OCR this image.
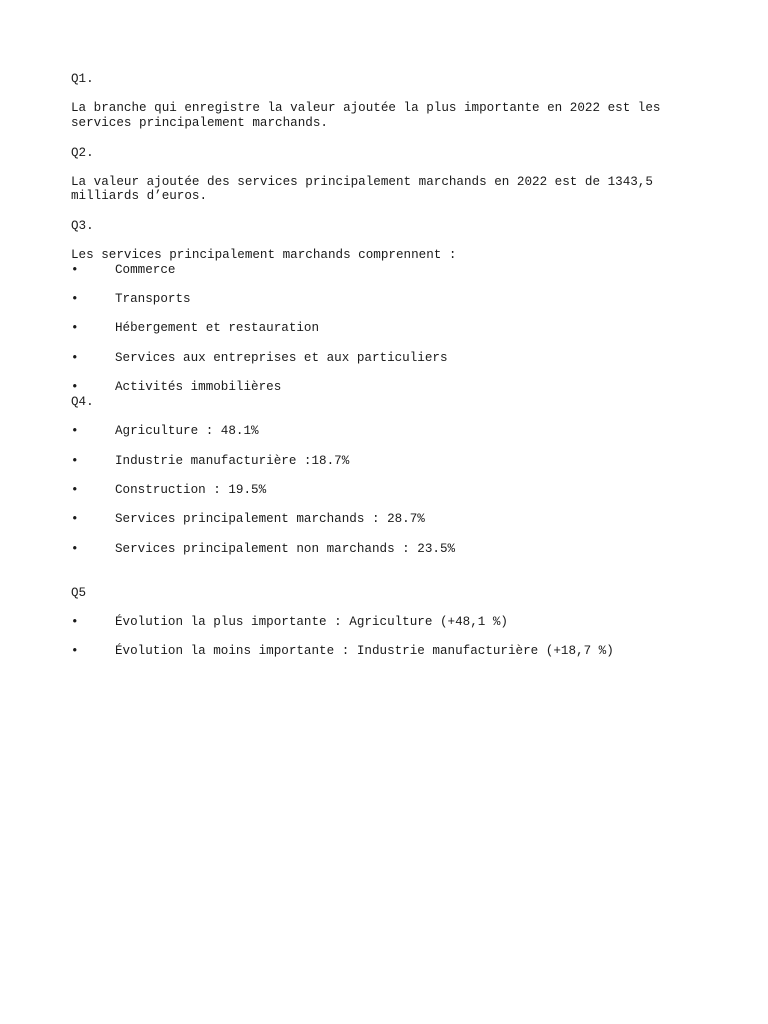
Q1.
La branche qui enregistre la valeur ajoutée la plus importante en 2022 est les
services principalement marchands.
Q2.
La valeur ajoutée des services principalement marchands en 2022 est de 1343,5
milliards d’euros.
Q3.
Les services principalement marchands comprennent :

•

	Commerce

•

	Transports

•

	Hébergement et restauration

•

	Services aux entreprises et aux particuliers

•

	Activités immobilières

Q4.

•

	Agriculture : 48.1%

•

	Industrie manufacturière :18.7%

•

	Construction : 19.5%

•

	Services principalement marchands : 28.7%

•

	Services principalement non marchands : 23.5%

Q5

•

	Évolution la plus importante : Agriculture (+48,1 %)

•

	Évolution la moins importante : Industrie manufacturière (+18,7 %)
